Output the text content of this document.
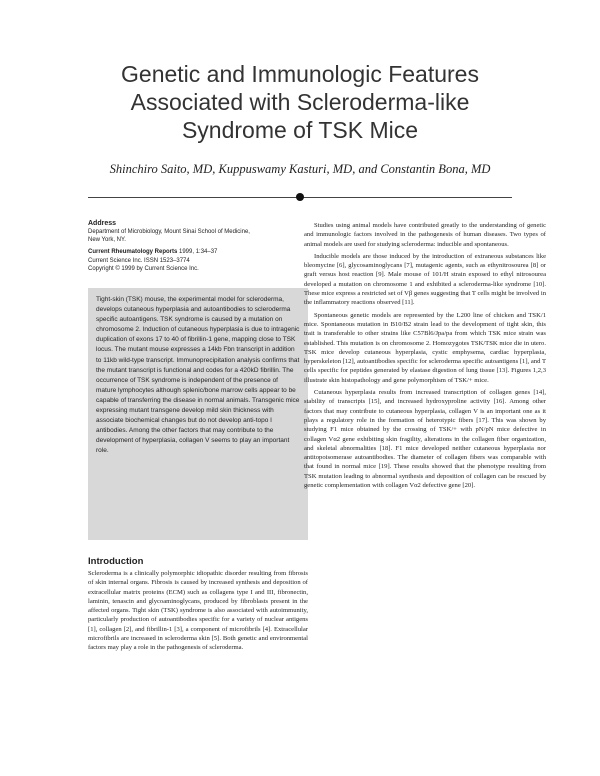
Genetic and Immunologic Features
Associated with Scleroderma-like
Syndrome of TSK Mice

Shinchiro Saito, MD, Kuppuswamy Kasturi, MD, and Constantin Bona, MD

Address
Department of Microbiology, Mount Sinai School of Medicine,
New York, NY.
Current Rheumatology Reports 1999, 1:34–37
Current Science Inc. ISSN 1523–3774
Copyright © 1999 by Current Science Inc.

Tight-skin (TSK) mouse, the experimental model for scleroderma, develops cutaneous hyperplasia and autoantibodies to scleroderma specific autoantigens. TSK syndrome is caused by a mutation on chromosome 2. Induction of cutaneous hyperplasia is due to intragenic duplication of exons 17 to 40 of fibrillin-1 gene, mapping close to TSK locus. The mutant mouse expresses a 14kb Fbn transcript in addition to 11kb wild-type transcript. Immunoprecipitation analysis confirms that the mutant transcript is functional and codes for a 420kD fibrillin. The occurrence of TSK syndrome is independent of the presence of mature lymphocytes although splenic/bone marrow cells appear to be capable of transferring the disease in normal animals. Transgenic mice expressing mutant transgene develop mild skin thickness with associate biochemical changes but do not develop anti-topo I antibodies. Among the other factors that may contribute to the development of hyperplasia, collagen V seems to play an important role.

Introduction

Scleroderma is a clinically polymorphic idiopathic disorder resulting from fibrosis of skin internal organs. Fibrosis is caused by increased synthesis and deposition of extracellular matrix proteins (ECM) such as collagens type I and III, fibronectin, laminin, tenascin and glycoaminoglycans, produced by fibroblasts present in the affected organs. Tight skin (TSK) syndrome is also associated with autoimmunity, particularly production of autoantibodies specific for a variety of nuclear antigens [1], collagen [2], and fibrillin-1 [3], a component of microfibrils [4]. Extracellular microfibrils are increased in scleroderma skin [5]. Both genetic and environmental factors may play a role in the pathogenesis of scleroderma.

Studies using animal models have contributed greatly to the understanding of genetic and immunologic factors involved in the pathogenesis of human diseases. Two types of animal models are used for studying scleroderma: inducible and spontaneous.

Inducible models are those induced by the introduction of extraneous substances like bleomycine [6], glycosaminoglycans [7], mutagenic agents, such as ethynitrosourea [8] or graft versus host reaction [9]. Male mouse of 101/H strain exposed to ethyl nitrosourea developed a mutation on chromosome 1 and exhibited a scleroderma-like syndrome [10]. These mice express a restricted set of Vβ genes suggesting that T cells might be involved in the inflammatory reactions observed [11].

Spontaneous genetic models are represented by the L200 line of chicken and TSK/1 mice. Spontaneous mutation in B10/B2 strain lead to the development of tight skin, this trait is transferable to other strains like C57Bl6/Jpa/pa from which TSK mice strain was established. This mutation is on chromosome 2. Homozygotes TSK/TSK mice die in utero. TSK mice develop cutaneous hyperplasia, cystic emphysema, cardiac hyperplasia, hyperskeleton [12], autoantibodies specific for scleroderma specific autoantigens [1], and T cells specific for peptides generated by elastase digestion of lung tissue [13]. Figures 1,2,3 illustrate skin histopathology and gene polymorphism of TSK/+ mice.

Cutaneous hyperplasia results from increased transcription of collagen genes [14], stability of transcripts [15], and increased hydroxyproline activity [16]. Among other factors that may contribute to cutaneous hyperplasia, collagen V is an important one as it plays a regulatory role in the formation of heterotypic fibers [17]. This was shown by studying F1 mice obtained by the crossing of TSK/+ with pN/pN mice defective in collagen Vα2 gene exhibiting skin fragility, alterations in the collagen fiber organization, and skeletal abnormalities [18]. F1 mice developed neither cutaneous hyperplasia nor antitopoisomerase autoantibodies. The diameter of collagen fibers was comparable with that found in normal mice [19]. These results showed that the phenotype resulting from TSK mutation leading to abnormal synthesis and deposition of collagen can be rescued by genetic complementation with collagen Vα2 defective gene [20].
